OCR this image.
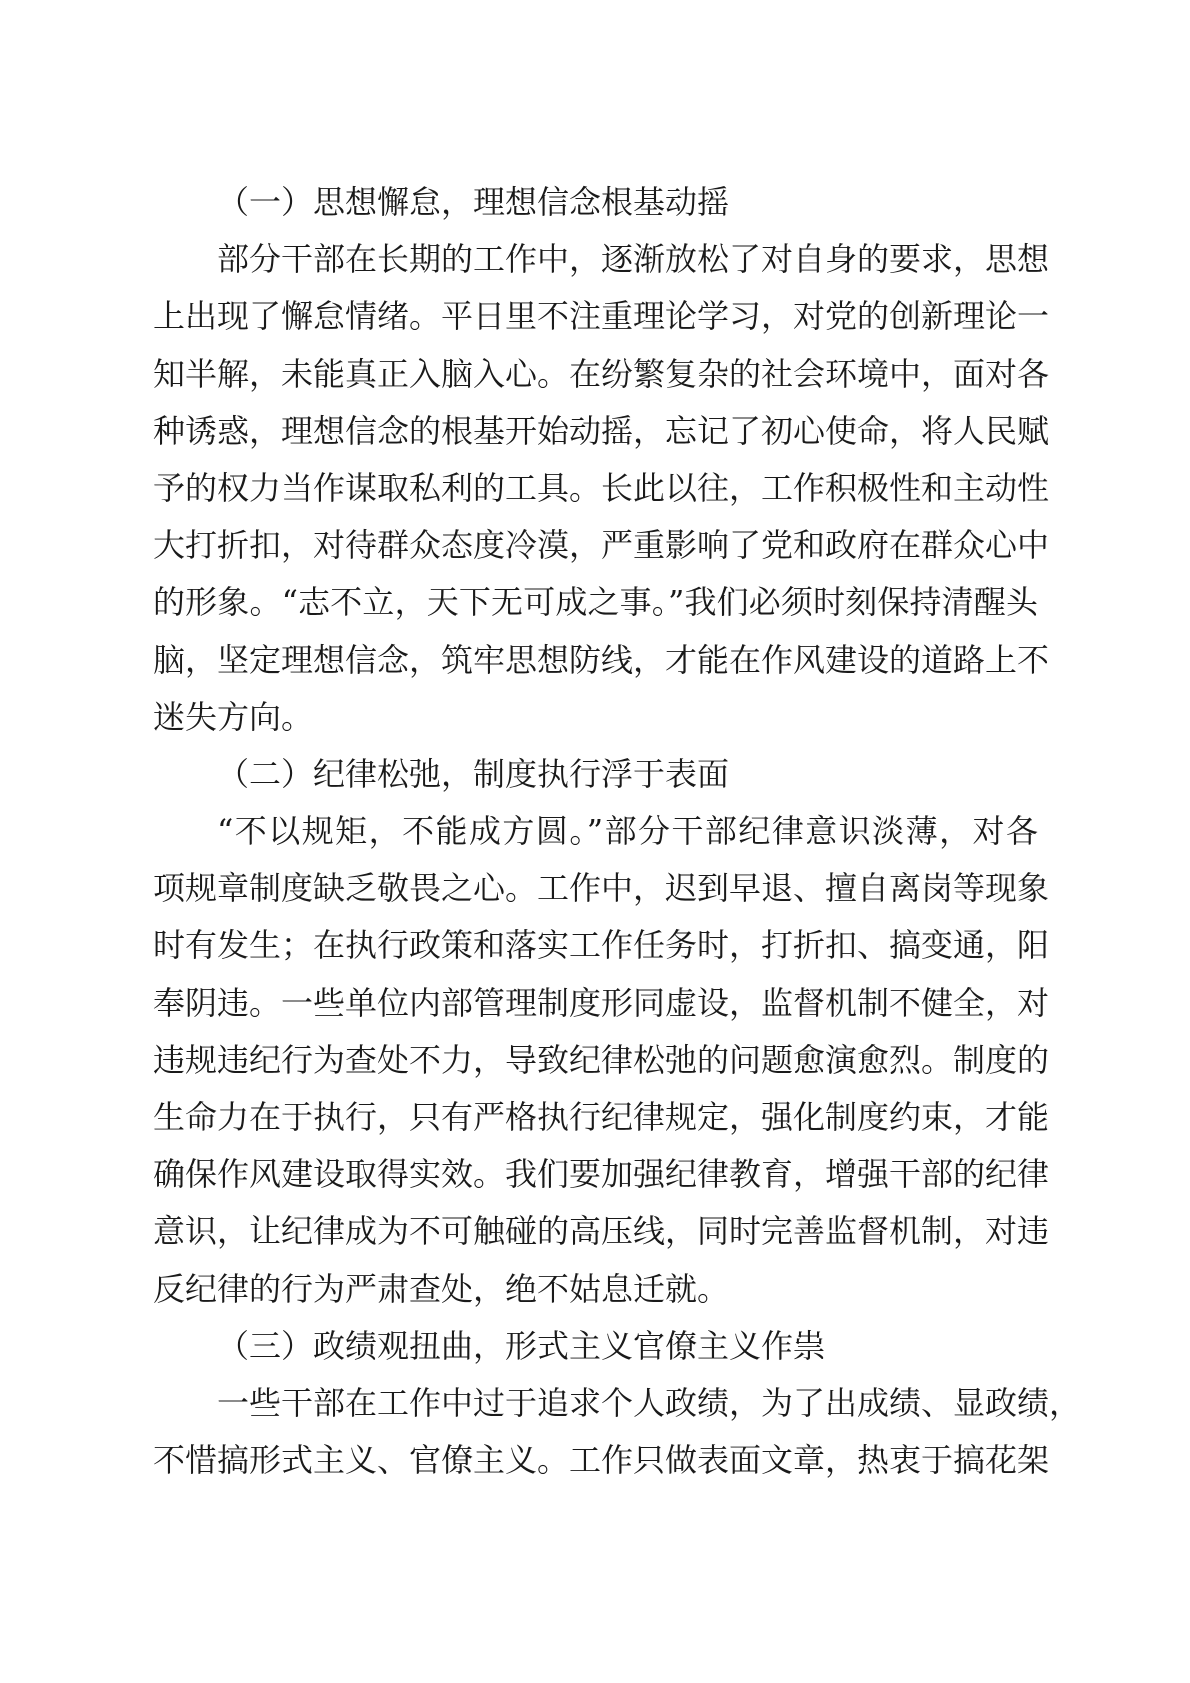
（一）思想懈怠，理想信念根基动摇
部分干部在长期的工作中，逐渐放松了对自身的要求，思想
上出现了懈怠情绪。平日里不注重理论学习，对党的创新理论一
知半解，未能真正入脑入心。在纷繁复杂的社会环境中，面对各
种诱惑，理想信念的根基开始动摇，忘记了初心使命，将人民赋
予的权力当作谋取私利的工具。长此以往，工作积极性和主动性
大打折扣，对待群众态度冷漠，严重影响了党和政府在群众心中
的形象。“志不立，天下无可成之事。”我们必须时刻保持清醒头
脑，坚定理想信念，筑牢思想防线，才能在作风建设的道路上不
迷失方向。
（二）纪律松弛，制度执行浮于表面
“不以规矩，不能成方圆。”部分干部纪律意识淡薄，对各
项规章制度缺乏敬畏之心。工作中，迟到早退、擅自离岗等现象
时有发生；在执行政策和落实工作任务时，打折扣、搞变通，阳
奉阴违。一些单位内部管理制度形同虚设，监督机制不健全，对
违规违纪行为查处不力，导致纪律松弛的问题愈演愈烈。制度的
生命力在于执行，只有严格执行纪律规定，强化制度约束，才能
确保作风建设取得实效。我们要加强纪律教育，增强干部的纪律
意识，让纪律成为不可触碰的高压线，同时完善监督机制，对违
反纪律的行为严肃查处，绝不姑息迁就。
（三）政绩观扭曲，形式主义官僚主义作祟
一些干部在工作中过于追求个人政绩，为了出成绩、显政绩，
不惜搞形式主义、官僚主义。工作只做表面文章，热衷于搞花架
